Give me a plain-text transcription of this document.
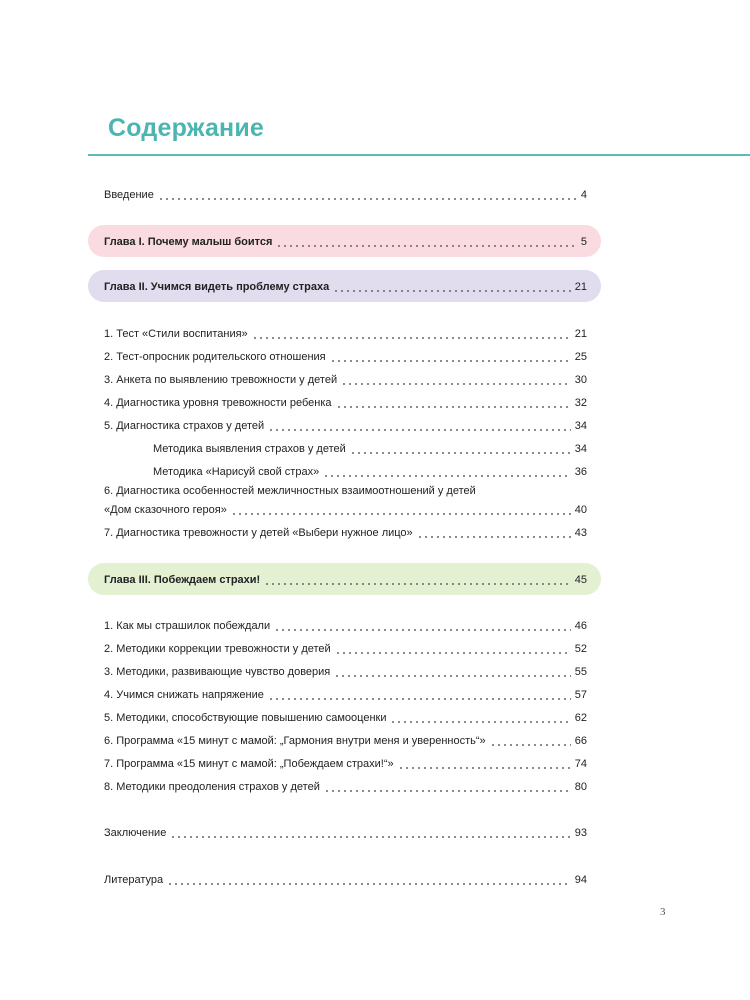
Содержание
Введение	4
Глава I. Почему малыш боится	5
Глава II. Учимся видеть проблему страха	21
1. Тест «Стили воспитания»	21
2. Тест-опросник родительского отношения	25
3. Анкета по выявлению тревожности у детей	30
4. Диагностика уровня тревожности ребенка	32
5. Диагностика страхов у детей	34
Методика выявления страхов у детей	34
Методика «Нарисуй свой страх»	36
6. Диагностика особенностей межличностных взаимоотношений у детей
«Дом сказочного героя»	40
7. Диагностика тревожности у детей «Выбери нужное лицо»	43
Глава III. Побеждаем страхи!	45
1. Как мы страшилок побеждали	46
2. Методики коррекции тревожности у детей	52
3. Методики, развивающие чувство доверия	55
4. Учимся снижать напряжение	57
5. Методики, способствующие повышению самооценки	62
6. Программа «15 минут с мамой: „Гармония внутри меня и уверенность“»	66
7. Программа «15 минут с мамой: „Побеждаем страхи!“»	74
8. Методики преодоления страхов у детей	80
Заключение	93
Литература	94
3
